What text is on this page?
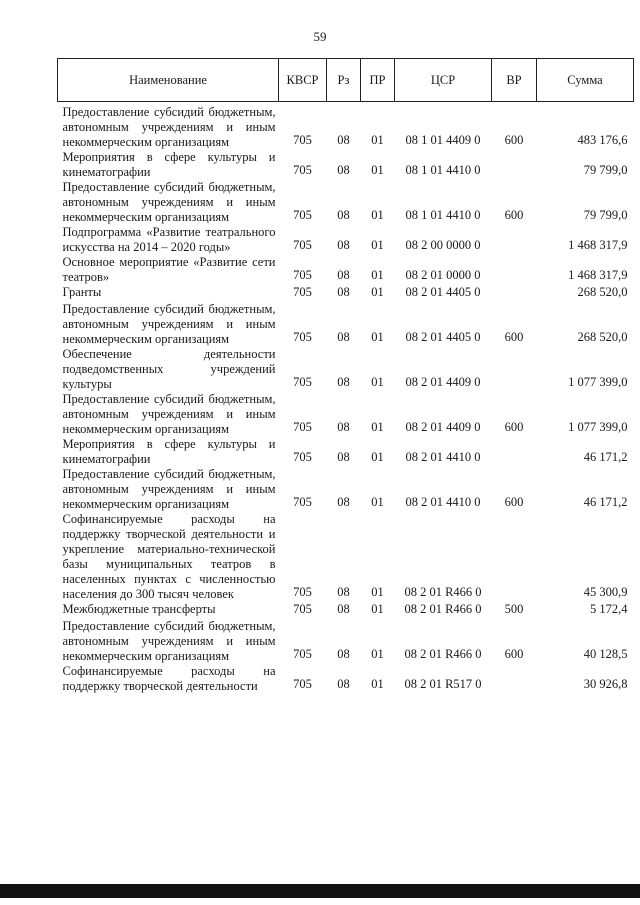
59
Наименование	КВСР	Рз	ПР	ЦСР	ВР	Сумма
Предоставление субсидий бюджетным, автономным учреждениям и иным некоммерческим организациям	705	08	01	08 1 01 4409 0	600	483 176,6
Мероприятия в сфере культуры и кинематографии	705	08	01	08 1 01 4410 0		79 799,0
Предоставление субсидий бюджетным, автономным учреждениям и иным некоммерческим организациям	705	08	01	08 1 01 4410 0	600	79 799,0
Подпрограмма «Развитие театрального искусства на 2014 – 2020 годы»	705	08	01	08 2 00 0000 0		1 468 317,9
Основное мероприятие «Развитие сети театров»	705	08	01	08 2 01 0000 0		1 468 317,9
Гранты	705	08	01	08 2 01 4405 0		268 520,0
Предоставление субсидий бюджетным, автономным учреждениям и иным некоммерческим организациям	705	08	01	08 2 01 4405 0	600	268 520,0
Обеспечение деятельности подведомственных учреждений культуры	705	08	01	08 2 01 4409 0		1 077 399,0
Предоставление субсидий бюджетным, автономным учреждениям и иным некоммерческим организациям	705	08	01	08 2 01 4409 0	600	1 077 399,0
Мероприятия в сфере культуры и кинематографии	705	08	01	08 2 01 4410 0		46 171,2
Предоставление субсидий бюджетным, автономным учреждениям и иным некоммерческим организациям	705	08	01	08 2 01 4410 0	600	46 171,2
Софинансируемые расходы на поддержку творческой деятельности и укрепление материально-технической базы муниципальных театров в населенных пунктах с численностью населения до 300 тысяч человек	705	08	01	08 2 01 R466 0		45 300,9
Межбюджетные трансферты	705	08	01	08 2 01 R466 0	500	5 172,4
Предоставление субсидий бюджетным, автономным учреждениям и иным некоммерческим организациям	705	08	01	08 2 01 R466 0	600	40 128,5
Софинансируемые расходы на поддержку творческой деятельности	705	08	01	08 2 01 R517 0		30 926,8
